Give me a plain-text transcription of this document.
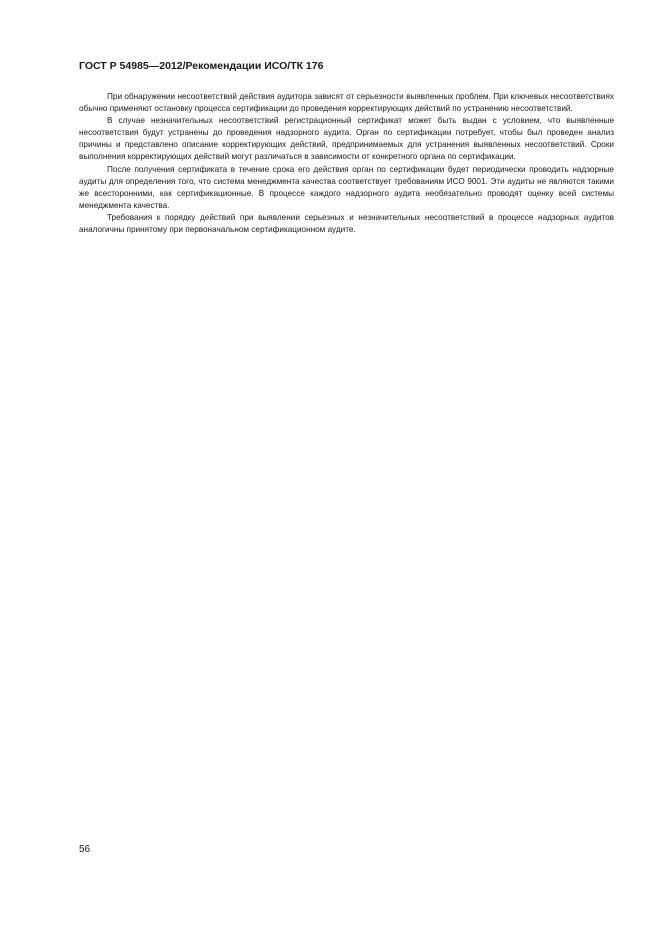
ГОСТ Р 54985—2012/Рекомендации ИСО/ТК 176

При обнаружении несоответствий действия аудитора зависят от серьезности выявленных проблем. При ключевых несоответствиях обычно применяют остановку процесса сертификации до проведения корректирующих действий по устранению несоответствий.

В случае незначительных несоответствий регистрационный сертификат может быть выдан с условием, что выявленные несоответствия будут устранены до проведения надзорного аудита. Орган по сертификации потребует, чтобы был проведен анализ причины и представлено описание корректирующих действий, предпринимаемых для устранения выявленных несоответствий. Сроки выполнения корректирующих действий могут различаться в зависимости от конкретного органа по сертификации.

После получения сертификата в течение срока его действия орган по сертификации будет периодически проводить надзорные аудиты для определения того, что система менеджмента качества соответствует требованиям ИСО 9001. Эти аудиты не являются такими же всесторонними, как сертификационные. В процессе каждого надзорного аудита необязательно проводят оценку всей системы менеджмента качества.

Требования к порядку действий при выявлении серьезных и незначительных несоответствий в процессе надзорных аудитов аналогичны принятому при первоначальном сертификационном аудите.

56
